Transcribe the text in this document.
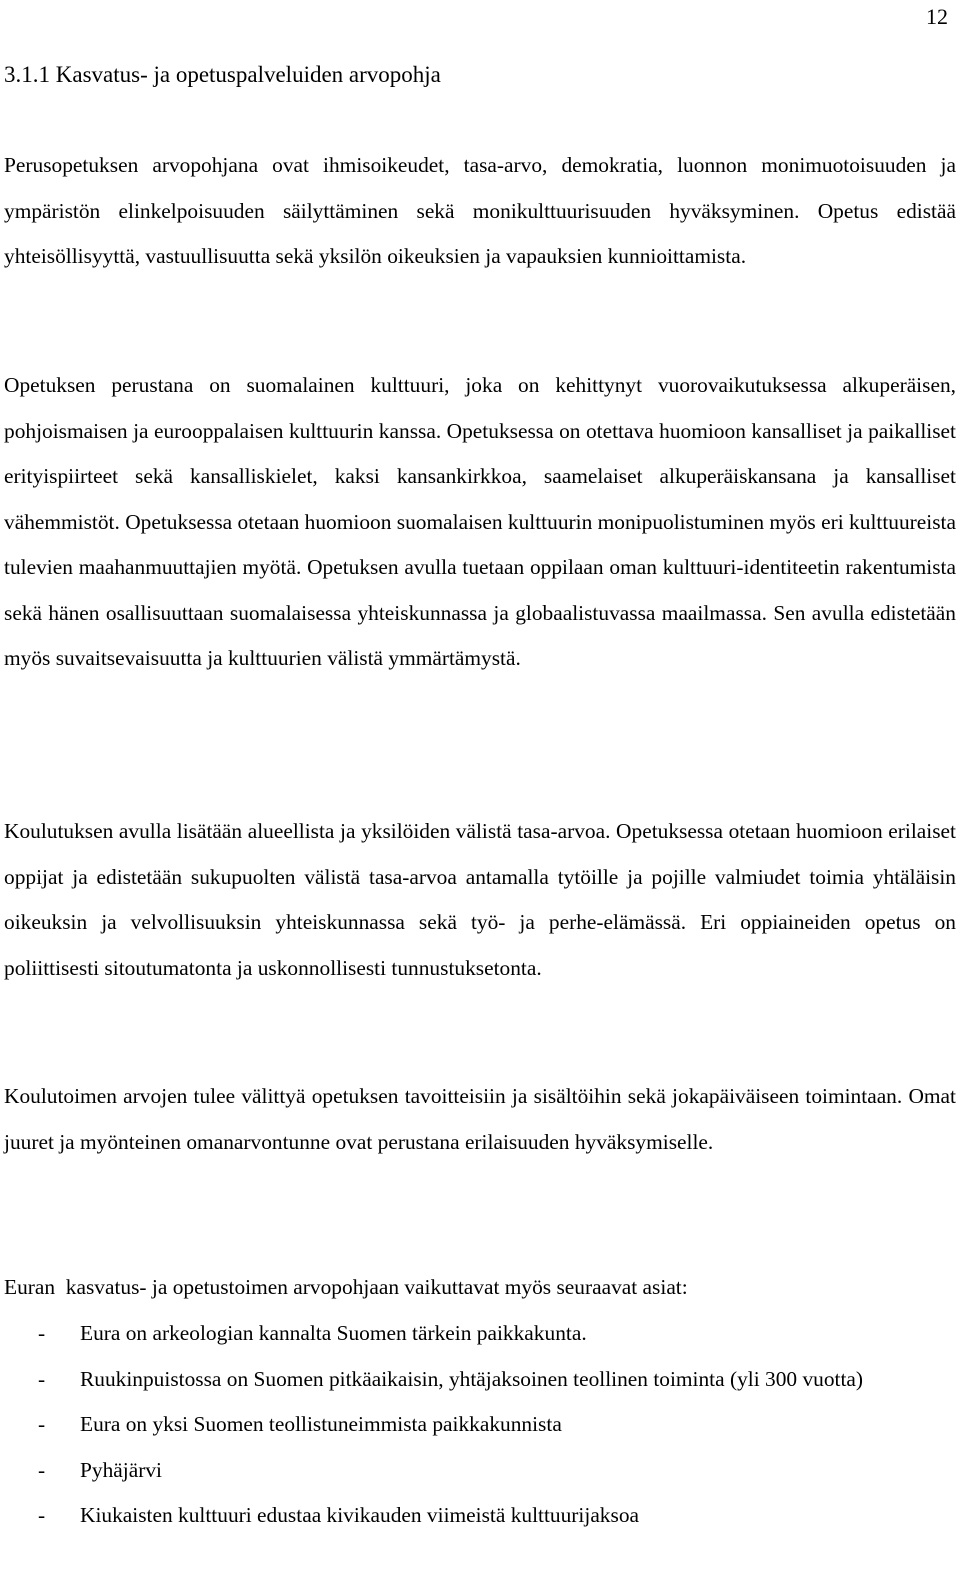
12
3.1.1 Kasvatus- ja opetuspalveluiden arvopohja

Perusopetuksen arvopohjana ovat ihmisoikeudet, tasa-arvo, demokratia, luonnon monimuotoisuuden ja ympäristön elinkelpoisuuden säilyttäminen sekä monikulttuurisuuden hyväksyminen. Opetus edistää yhteisöllisyyttä, vastuullisuutta sekä yksilön oikeuksien ja vapauksien kunnioittamista.

Opetuksen perustana on suomalainen kulttuuri, joka on kehittynyt vuorovaikutuksessa alkuperäisen, pohjoismaisen ja eurooppalaisen kulttuurin kanssa. Opetuksessa on otettava huomioon kansalliset ja paikalliset erityispiirteet sekä kansalliskielet, kaksi kansankirkkoa, saamelaiset alkuperäiskansana ja kansalliset vähemmistöt. Opetuksessa otetaan huomioon suomalaisen kulttuurin monipuolistuminen myös eri kulttuureista tulevien maahanmuuttajien myötä. Opetuksen avulla tuetaan oppilaan oman kulttuuri-identiteetin rakentumista sekä hänen osallisuuttaan suomalaisessa yhteiskunnassa ja globaalistuvassa maailmassa. Sen avulla edistetään myös suvaitsevaisuutta ja kulttuurien välistä ymmärtämystä.

Koulutuksen avulla lisätään alueellista ja yksilöiden välistä tasa-arvoa. Opetuksessa otetaan huomioon erilaiset oppijat ja edistetään sukupuolten välistä tasa-arvoa antamalla tytöille ja pojille valmiudet toimia yhtäläisin oikeuksin ja velvollisuuksin yhteiskunnassa sekä työ- ja perhe-elämässä. Eri oppiaineiden opetus on poliittisesti sitoutumatonta ja uskonnollisesti tunnustuksetonta.

Koulutoimen arvojen tulee välittyä opetuksen tavoitteisiin ja sisältöihin sekä jokapäiväiseen toimintaan. Omat juuret ja myönteinen omanarvontunne ovat perustana erilaisuuden hyväksymiselle.

Euran  kasvatus- ja opetustoimen arvopohjaan vaikuttavat myös seuraavat asiat:

-	Eura on arkeologian kannalta Suomen tärkein paikkakunta.
-	Ruukinpuistossa on Suomen pitkäaikaisin, yhtäjaksoinen teollinen toiminta (yli 300 vuotta)
-	Eura on yksi Suomen teollistuneimmista paikkakunnista
-	Pyhäjärvi
-	Kiukaisten kulttuuri edustaa kivikauden viimeistä kulttuurijaksoa
